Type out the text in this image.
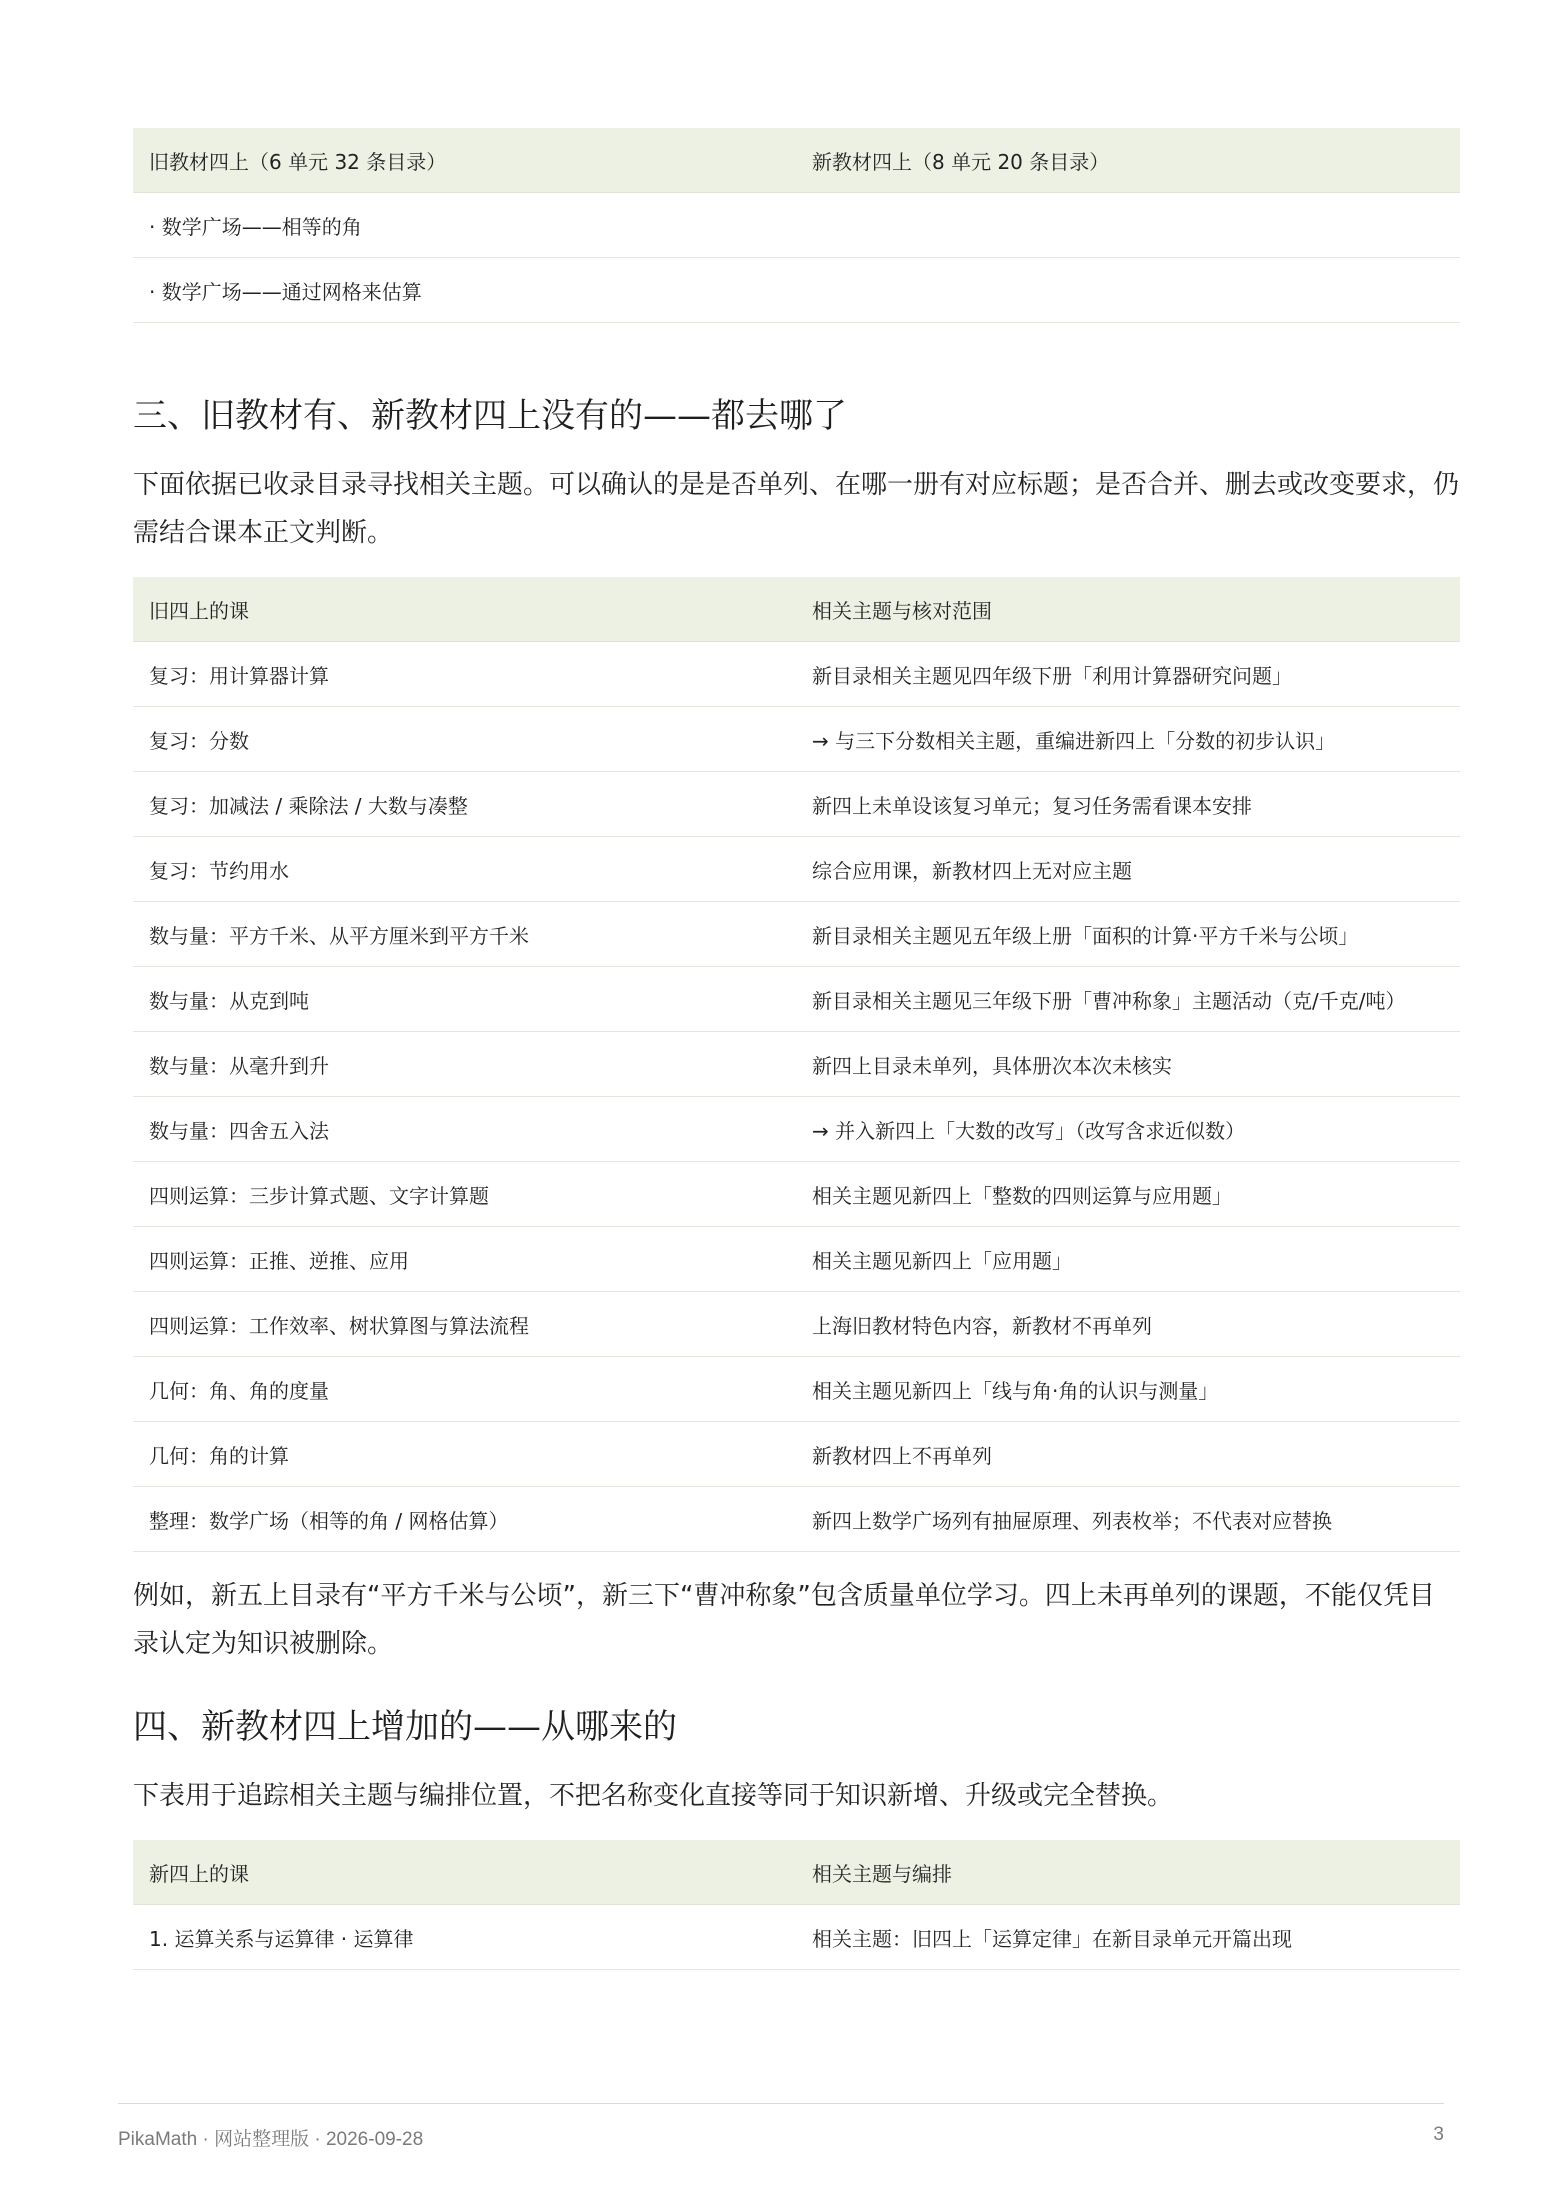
旧教材四上（6 单元 32 条目录）	新教材四上（8 单元 20 条目录）
· 数学广场——相等的角	
· 数学广场——通过网格来估算	
三、旧教材有、新教材四上没有的——都去哪了

下面依据已收录目录寻找相关主题。可以确认的是是否单列、在哪一册有对应标题；是否合并、删去或改变要求，仍需结合课本正文判断。

旧四上的课	相关主题与核对范围
复习：用计算器计算	新目录相关主题见四年级下册「利用计算器研究问题」
复习：分数	→ 与三下分数相关主题，重编进新四上「分数的初步认识」
复习：加减法 / 乘除法 / 大数与凑整	新四上未单设该复习单元；复习任务需看课本安排
复习：节约用水	综合应用课，新教材四上无对应主题
数与量：平方千米、从平方厘米到平方千米	新目录相关主题见五年级上册「面积的计算·平方千米与公顷」
数与量：从克到吨	新目录相关主题见三年级下册「曹冲称象」主题活动（克/千克/吨）
数与量：从毫升到升	新四上目录未单列，具体册次本次未核实
数与量：四舍五入法	→ 并入新四上「大数的改写」（改写含求近似数）
四则运算：三步计算式题、文字计算题	相关主题见新四上「整数的四则运算与应用题」
四则运算：正推、逆推、应用	相关主题见新四上「应用题」
四则运算：工作效率、树状算图与算法流程	上海旧教材特色内容，新教材不再单列
几何：角、角的度量	相关主题见新四上「线与角·角的认识与测量」
几何：角的计算	新教材四上不再单列
整理：数学广场（相等的角 / 网格估算）	新四上数学广场列有抽屉原理、列表枚举；不代表对应替换

例如，新五上目录有“平方千米与公顷”，新三下“曹冲称象”包含质量单位学习。四上未再单列的课题，不能仅凭目录认定为知识被删除。

四、新教材四上增加的——从哪来的

下表用于追踪相关主题与编排位置，不把名称变化直接等同于知识新增、升级或完全替换。

新四上的课	相关主题与编排
1. 运算关系与运算律 · 运算律	相关主题：旧四上「运算定律」在新目录单元开篇出现
PikaMath · 网站整理版 · 2026-09-28	3
